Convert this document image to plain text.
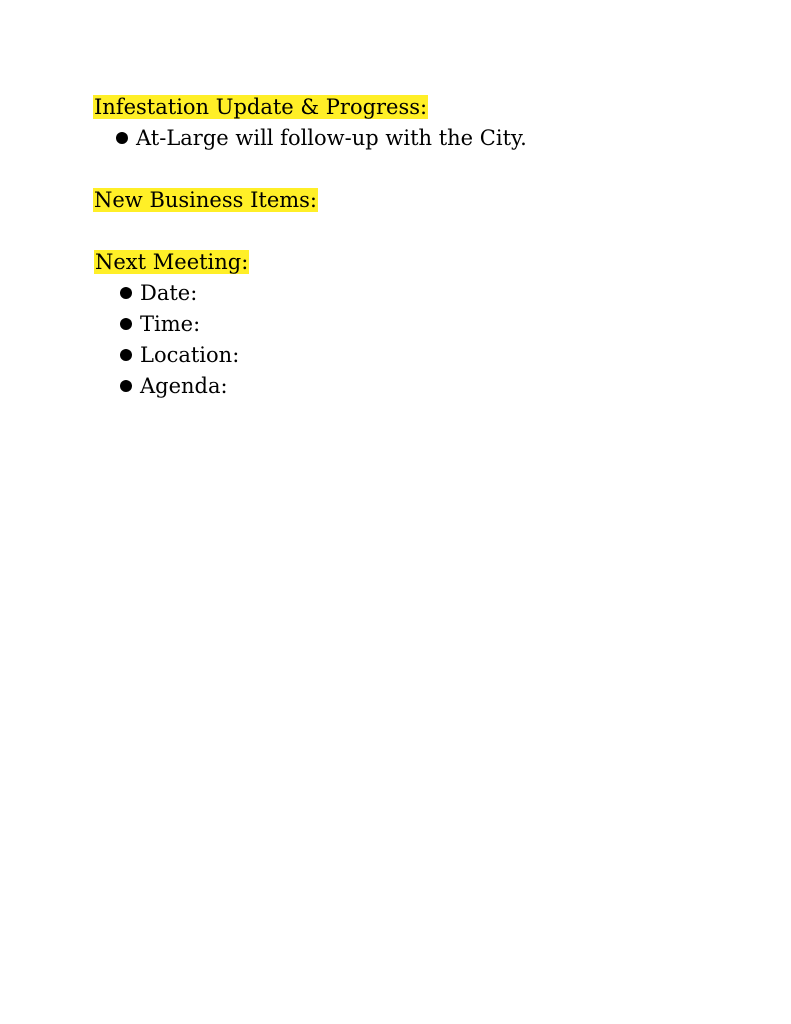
Infestation Update & Progress:
At-Large will follow-up with the City.
New Business Items:
Next Meeting:
Date:
Time:
Location:
Agenda:
